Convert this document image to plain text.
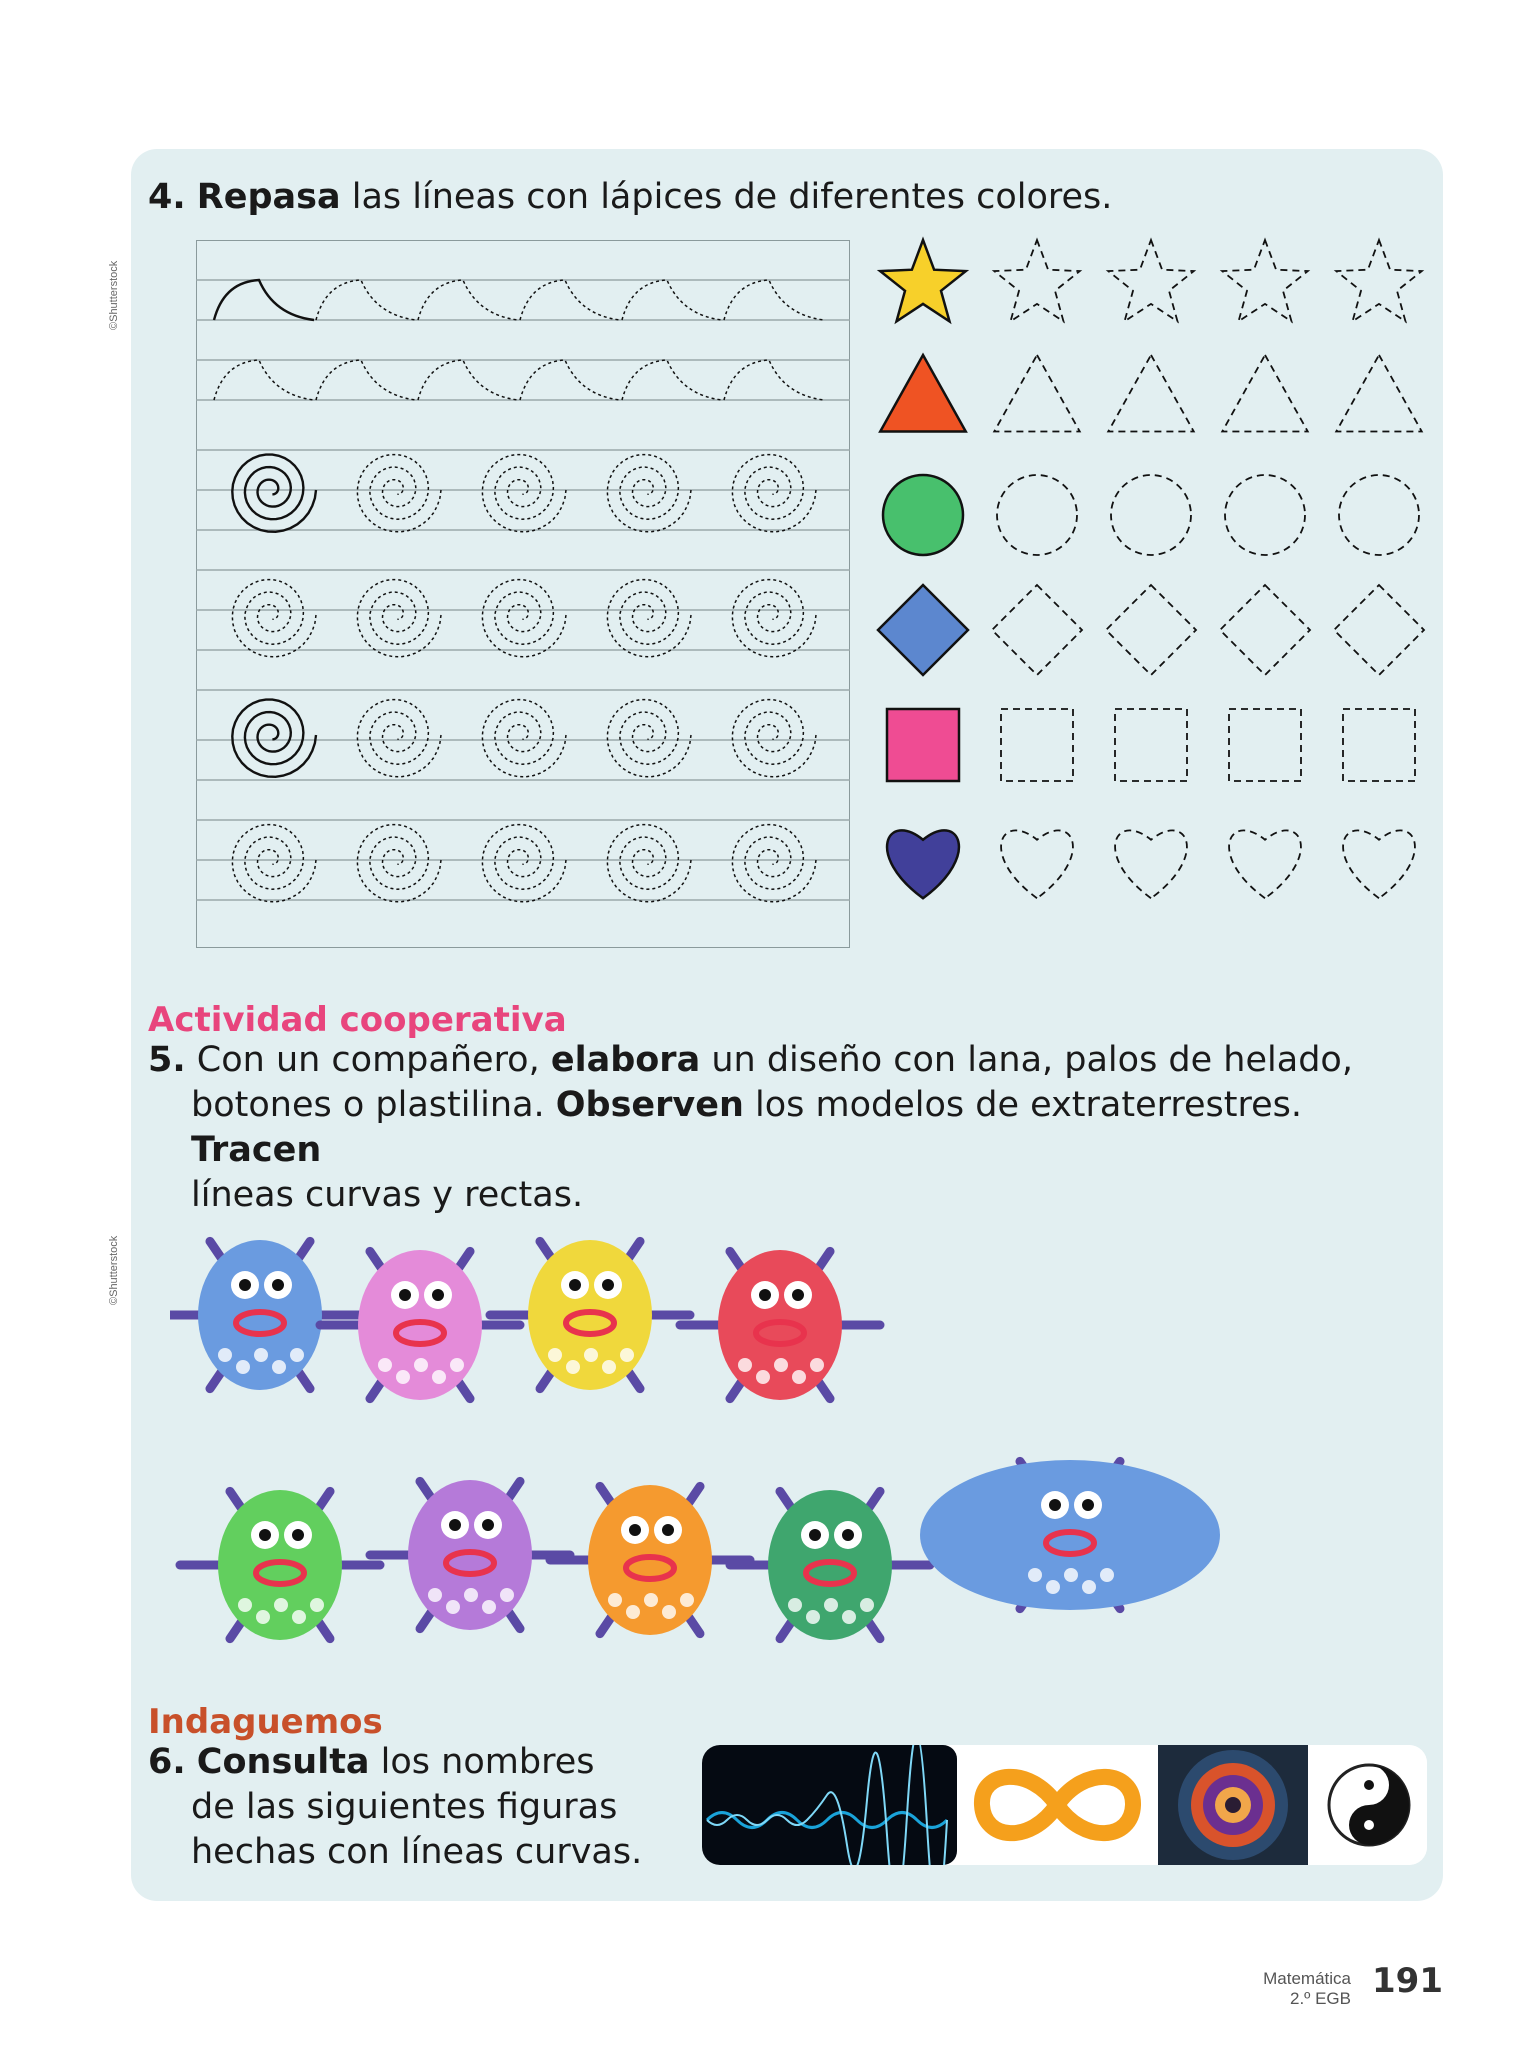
©Shutterstock
©Shutterstock
4. Repasa las líneas con lápices de diferentes colores.
Actividad cooperativa
5. Con un compañero, elabora un diseño con lana, palos de helado,
botones o plastilina. Observen los modelos de extraterrestres. Tracen
líneas curvas y rectas.
Indaguemos
6. Consulta los nombres
de las siguientes figuras
hechas con líneas curvas.
Matemática
2.º EGB 191
